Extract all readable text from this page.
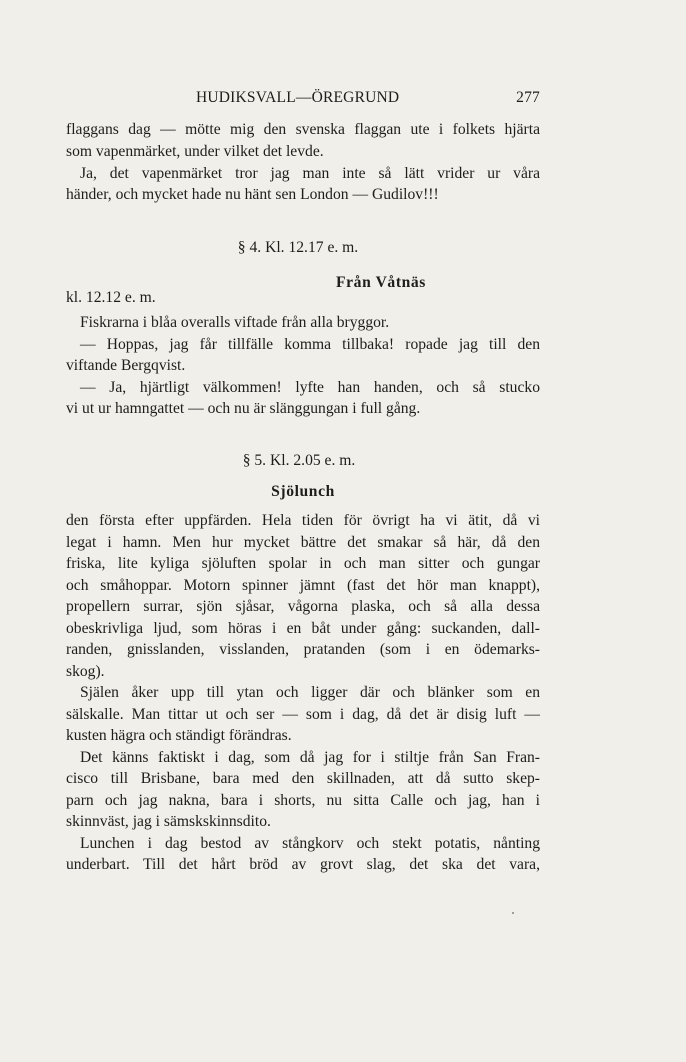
HUDIKSVALL—ÖREGRUND	277
flaggans dag — mötte mig den svenska flaggan ute i folkets hjärta
som vapenmärket, under vilket det levde.
Ja, det vapenmärket tror jag man inte så lätt vrider ur våra
händer, och mycket hade nu hänt sen London — Gudilov!!!
§ 4. Kl. 12.17 e. m.
Från Våtnäs
kl. 12.12 e. m.
Fiskrarna i blåa overalls viftade från alla bryggor.
— Hoppas, jag får tillfälle komma tillbaka! ropade jag till den
viftande Bergqvist.
— Ja, hjärtligt välkommen! lyfte han handen, och så stucko
vi ut ur hamngattet — och nu är slänggungan i full gång.
§ 5. Kl. 2.05 e. m.
Sjölunch
den första efter uppfärden. Hela tiden för övrigt ha vi ätit, då vi
legat i hamn. Men hur mycket bättre det smakar så här, då den
friska, lite kyliga sjöluften spolar in och man sitter och gungar
och småhoppar. Motorn spinner jämnt (fast det hör man knappt),
propellern surrar, sjön sjåsar, vågorna plaska, och så alla dessa
obeskrivliga ljud, som höras i en båt under gång: suckanden, dall-
randen, gnisslanden, visslanden, pratanden (som i en ödemarks-
skog).
Själen åker upp till ytan och ligger där och blänker som en
sälskalle. Man tittar ut och ser — som i dag, då det är disig luft —
kusten hägra och ständigt förändras.
Det känns faktiskt i dag, som då jag for i stiltje från San Fran-
cisco till Brisbane, bara med den skillnaden, att då sutto skep-
parn och jag nakna, bara i shorts, nu sitta Calle och jag, han i
skinnväst, jag i sämskskinnsdito.
Lunchen i dag bestod av stångkorv och stekt potatis, nånting
underbart. Till det hårt bröd av grovt slag, det ska det vara,
